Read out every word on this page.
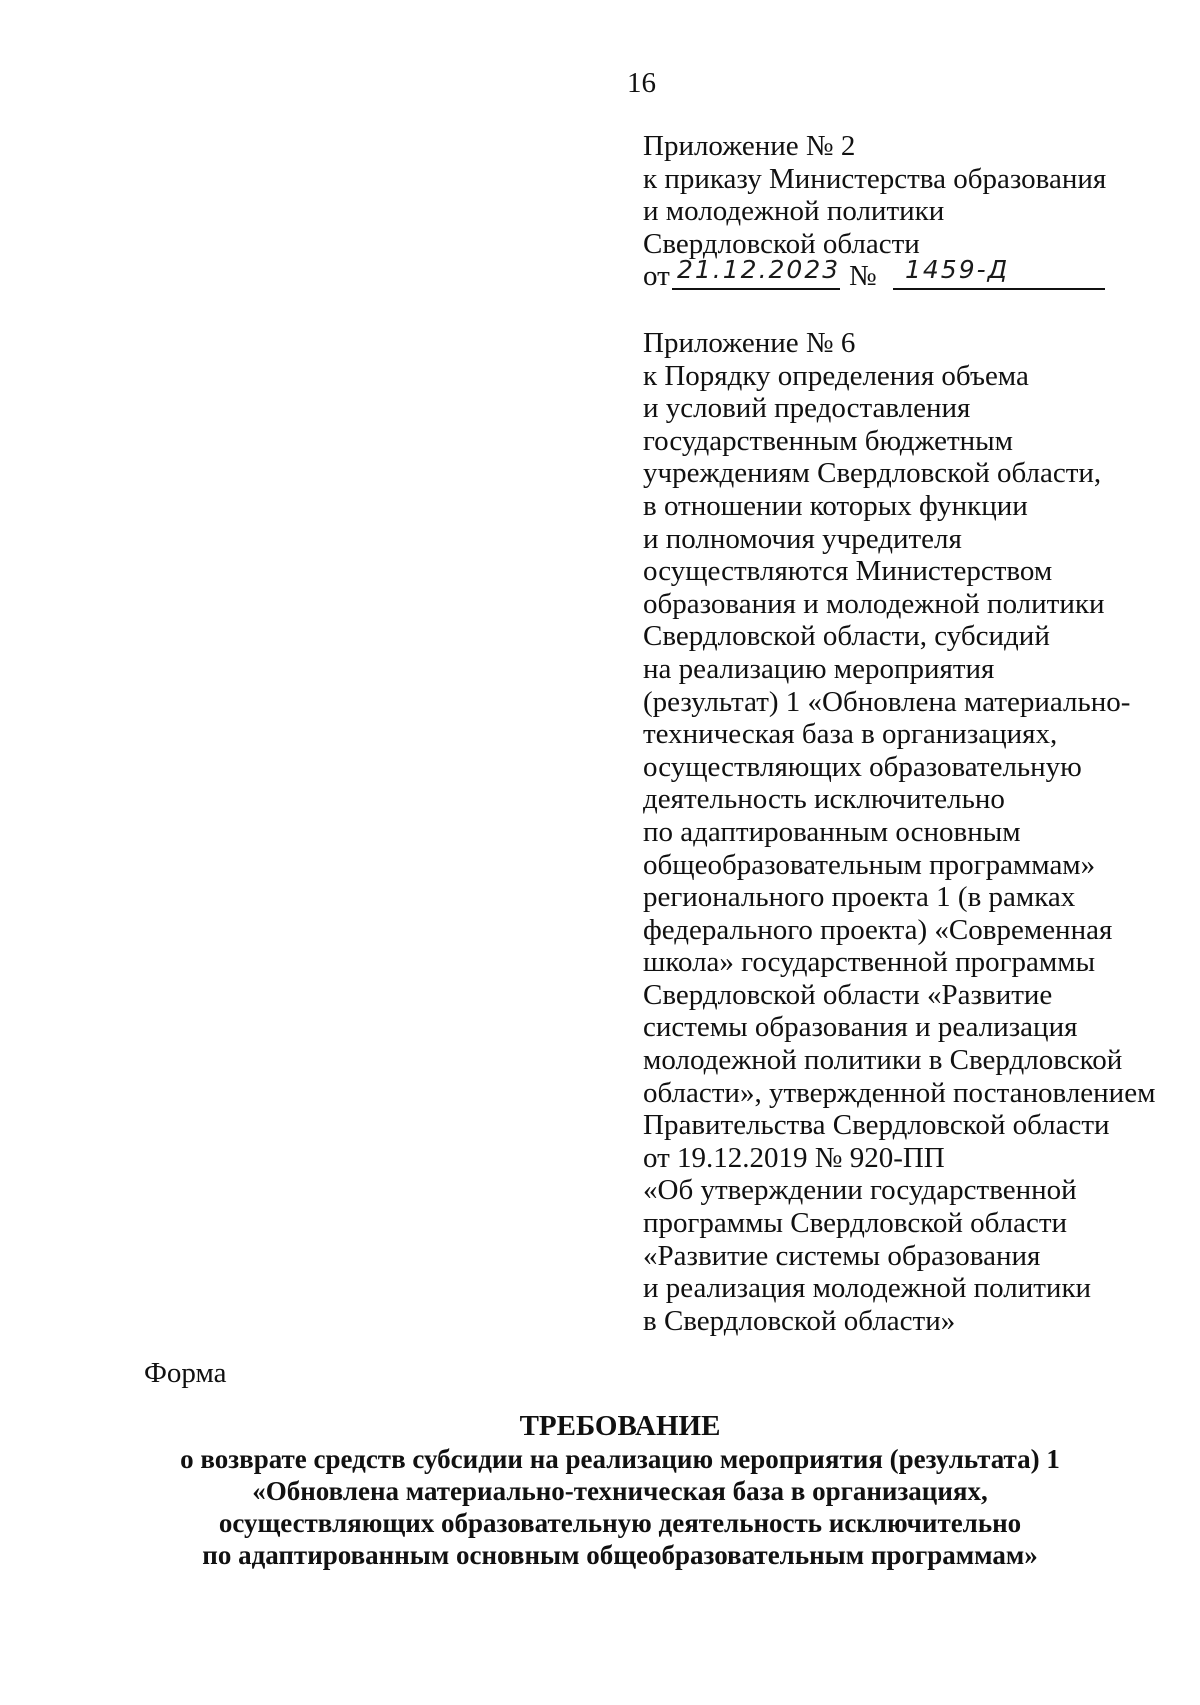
16
Приложение № 2
к приказу Министерства образования
и молодежной политики
Свердловской области
от 21.12.2023 № 1459-Д
Приложение № 6
к Порядку определения объема
и условий предоставления
государственным бюджетным
учреждениям Свердловской области,
в отношении которых функции
и полномочия учредителя
осуществляются Министерством
образования и молодежной политики
Свердловской области, субсидий
на реализацию мероприятия
(результат) 1 «Обновлена материально-
техническая база в организациях,
осуществляющих образовательную
деятельность исключительно
по адаптированным основным
общеобразовательным программам»
регионального проекта 1 (в рамках
федерального проекта) «Современная
школа» государственной программы
Свердловской области «Развитие
системы образования и реализация
молодежной политики в Свердловской
области», утвержденной постановлением
Правительства Свердловской области
от 19.12.2019 № 920-ПП
«Об утверждении государственной
программы Свердловской области
«Развитие системы образования
и реализация молодежной политики
в Свердловской области»
Форма
ТРЕБОВАНИЕ
о возврате средств субсидии на реализацию мероприятия (результата) 1
«Обновлена материально-техническая база в организациях,
осуществляющих образовательную деятельность исключительно
по адаптированным основным общеобразовательным программам»
